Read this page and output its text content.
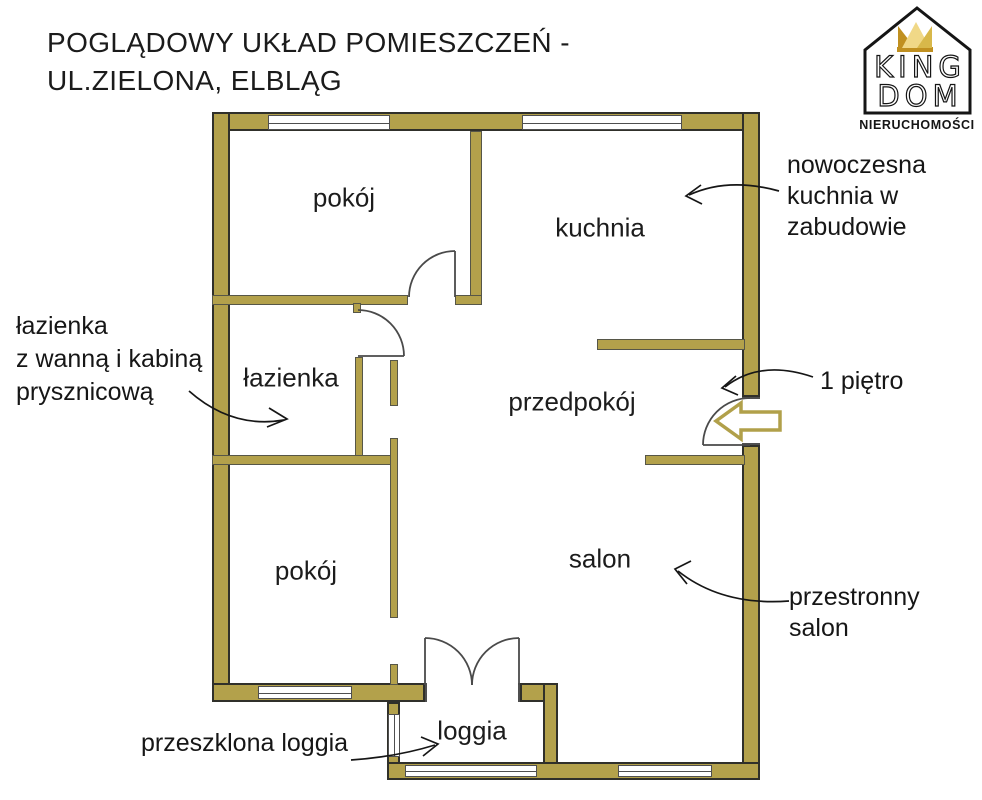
POGLĄDOWY UKŁAD POMIESZCZEŃ -
UL.ZIELONA, ELBLĄG	KING
DOM
NIERUCHOMOŚCI
pokój
kuchnia
łazienka
przedpokój
salon
pokój
loggia
nowoczesna
kuchnia w
zabudowie
łazienka
z wanną i kabiną
prysznicową	1 piętro
przestronny
salon
przeszklona loggia
